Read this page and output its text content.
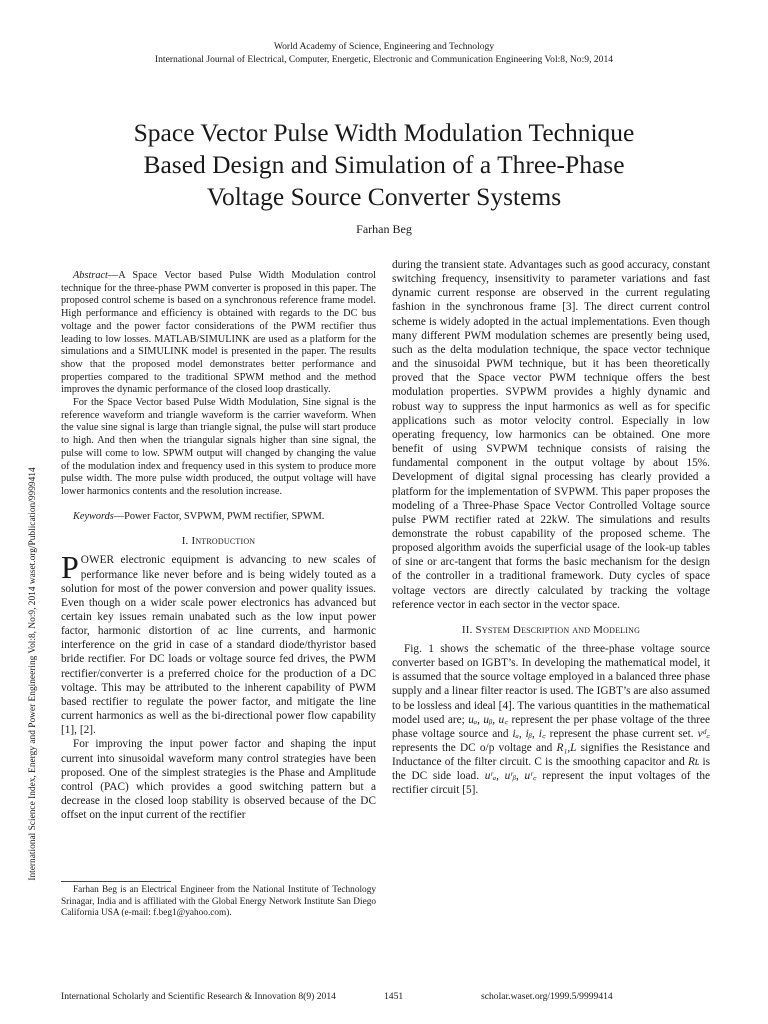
World Academy of Science, Engineering and Technology
International Journal of Electrical, Computer, Energetic, Electronic and Communication Engineering Vol:8, No:9, 2014
Space Vector Pulse Width Modulation Technique
Based Design and Simulation of a Three-Phase
Voltage Source Converter Systems
Farhan Beg
International Science Index, Energy and Power Engineering Vol:8, No:9, 2014 waset.org/Publication/9999414

Abstract—A Space Vector based Pulse Width Modulation control technique for the three-phase PWM converter is proposed in this paper. The proposed control scheme is based on a synchronous reference frame model. High performance and efficiency is obtained with regards to the DC bus voltage and the power factor considerations of the PWM rectifier thus leading to low losses. MATLAB/SIMULINK are used as a platform for the simulations and a SIMULINK model is presented in the paper. The results show that the proposed model demonstrates better performance and properties compared to the traditional SPWM method and the method improves the dynamic performance of the closed loop drastically.

For the Space Vector based Pulse Width Modulation, Sine signal is the reference waveform and triangle waveform is the carrier waveform. When the value sine signal is large than triangle signal, the pulse will start produce to high. And then when the triangular signals higher than sine signal, the pulse will come to low. SPWM output will changed by changing the value of the modulation index and frequency used in this system to produce more pulse width. The more pulse width produced, the output voltage will have lower harmonics contents and the resolution increase.

Keywords—Power Factor, SVPWM, PWM rectifier, SPWM.

I. Introduction

POWER electronic equipment is advancing to new scales of performance like never before and is being widely touted as a solution for most of the power conversion and power quality issues. Even though on a wider scale power electronics has advanced but certain key issues remain unabated such as the low input power factor, harmonic distortion of ac line currents, and harmonic interference on the grid in case of a standard diode/thyristor based bride rectifier. For DC loads or voltage source fed drives, the PWM rectifier/converter is a preferred choice for the production of a DC voltage. This may be attributed to the inherent capability of PWM based rectifier to regulate the power factor, and mitigate the line current harmonics as well as the bi-directional power flow capability [1], [2].

For improving the input power factor and shaping the input current into sinusoidal waveform many control strategies have been proposed. One of the simplest strategies is the Phase and Amplitude control (PAC) which provides a good switching pattern but a decrease in the closed loop stability is observed because of the DC offset on the input current of the rectifier

during the transient state. Advantages such as good accuracy, constant switching frequency, insensitivity to parameter variations and fast dynamic current response are observed in the current regulating fashion in the synchronous frame [3]. The direct current control scheme is widely adopted in the actual implementations. Even though many different PWM modulation schemes are presently being used, such as the delta modulation technique, the space vector technique and the sinusoidal PWM technique, but it has been theoretically proved that the Space vector PWM technique offers the best modulation properties. SVPWM provides a highly dynamic and robust way to suppress the input harmonics as well as for specific applications such as motor velocity control. Especially in low operating frequency, low harmonics can be obtained. One more benefit of using SVPWM technique consists of raising the fundamental component in the output voltage by about 15%. Development of digital signal processing has clearly provided a platform for the implementation of SVPWM. This paper proposes the modeling of a Three-Phase Space Vector Controlled Voltage source pulse PWM rectifier rated at 22kW. The simulations and results demonstrate the robust capability of the proposed scheme. The proposed algorithm avoids the superficial usage of the look-up tables of sine or arc-tangent that forms the basic mechanism for the design of the controller in a traditional framework. Duty cycles of space voltage vectors are directly calculated by tracking the voltage reference vector in each sector in the vector space.

II. System Description and Modeling

Fig. 1 shows the schematic of the three-phase voltage source converter based on IGBT’s. In developing the mathematical model, it is assumed that the source voltage employed in a balanced three phase supply and a linear filter reactor is used. The IGBT’s are also assumed to be lossless and ideal [4]. The various quantities in the mathematical model used are; uₐ, uᵦ, u꜀ represent the per phase voltage of the three phase voltage source and iₐ, iᵦ, i꜀ represent the phase current set. vᵈ꜀ represents the DC o/p voltage and R₁,L signifies the Resistance and Inductance of the filter circuit. C is the smoothing capacitor and Rʟ is the DC side load. uʳₐ, uʳᵦ, uʳ꜀ represent the input voltages of the rectifier circuit [5].

Farhan Beg is an Electrical Engineer from the National Institute of Technology Srinagar, India and is affiliated with the Global Energy Network Institute San Diego California USA (e-mail: f.beg1@yahoo.com).
International Scholarly and Scientific Research & Innovation 8(9) 2014	1451	scholar.waset.org/1999.5/9999414
